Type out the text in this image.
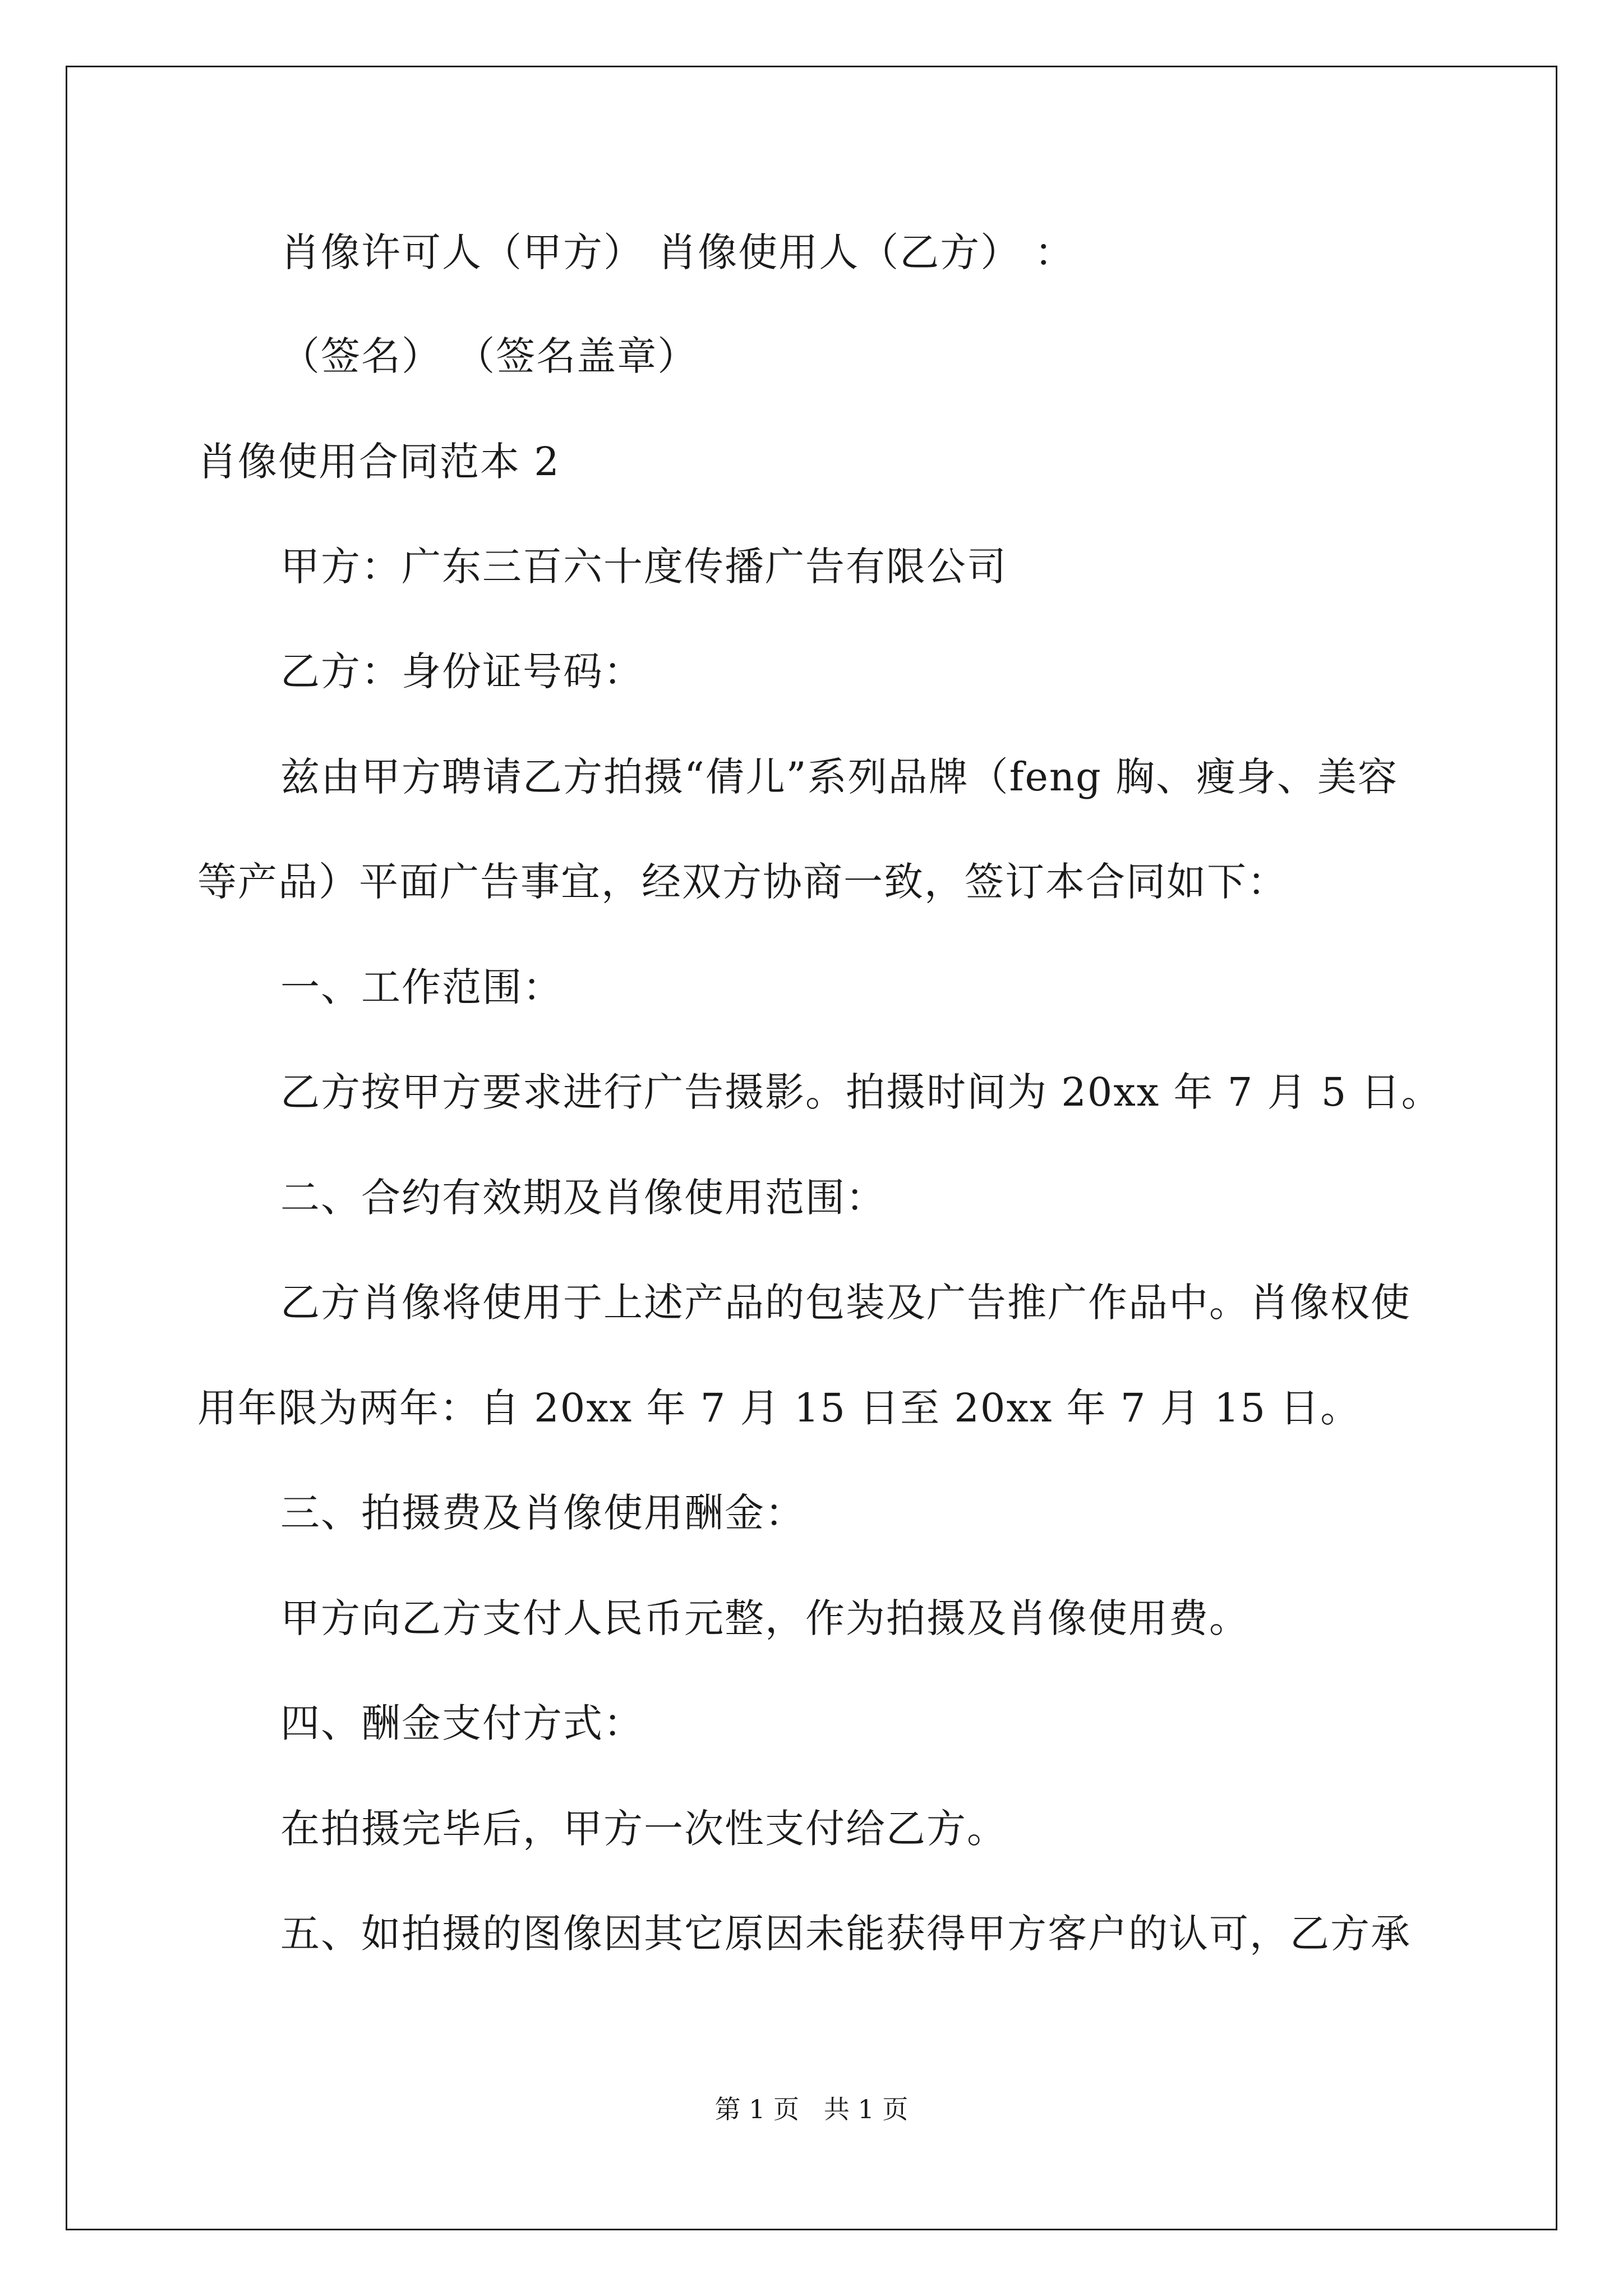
肖像许可人（甲方） 肖像使用人（乙方） ：
（签名） （签名盖章）
肖像使用合同范本 2
甲方：广东三百六十度传播广告有限公司
乙方：身份证号码：
兹由甲方聘请乙方拍摄“倩儿”系列品牌（feng 胸、瘦身、美容
等产品）平面广告事宜，经双方协商一致，签订本合同如下：
一、工作范围：
乙方按甲方要求进行广告摄影。拍摄时间为 20xx 年 7 月 5 日。
二、合约有效期及肖像使用范围：
乙方肖像将使用于上述产品的包装及广告推广作品中。肖像权使
用年限为两年：自 20xx 年 7 月 15 日至 20xx 年 7 月 15 日。
三、拍摄费及肖像使用酬金：
甲方向乙方支付人民币元整，作为拍摄及肖像使用费。
四、酬金支付方式：
在拍摄完毕后，甲方一次性支付给乙方。
五、如拍摄的图像因其它原因未能获得甲方客户的认可，乙方承
第 1 页   共 1 页
